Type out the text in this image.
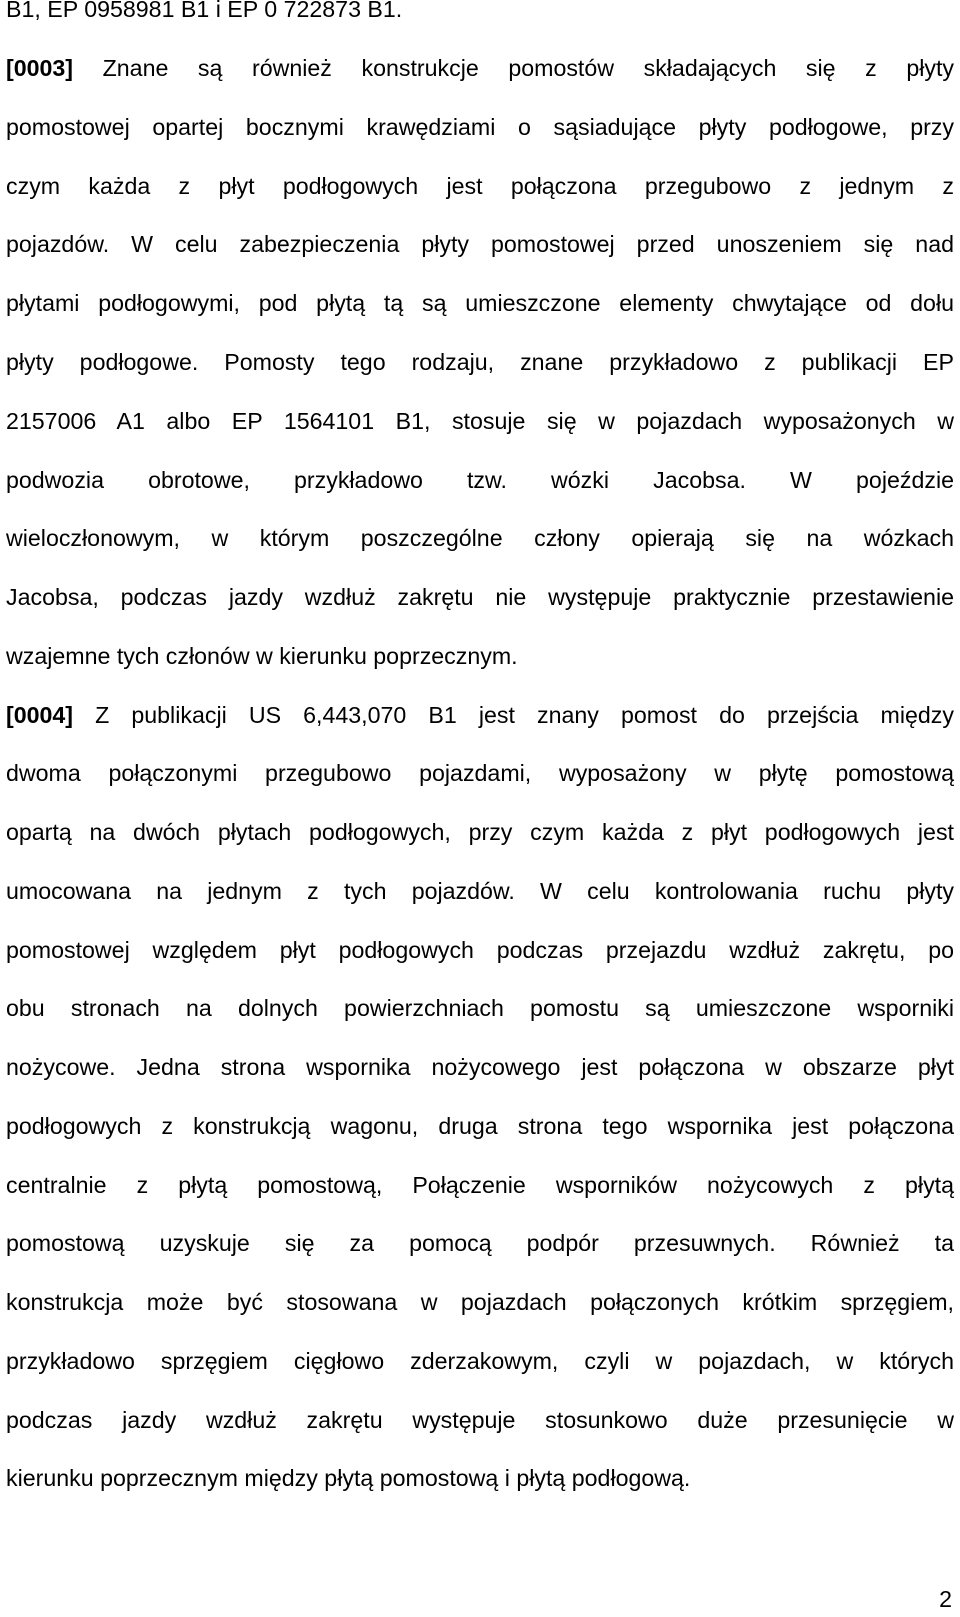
B1, EP 0958981 B1 i EP 0 722873 B1.
[0003] Znane są również konstrukcje pomostów składających się z płyty
pomostowej opartej bocznymi krawędziami o sąsiadujące płyty podłogowe, przy
czym każda z płyt podłogowych jest połączona przegubowo z jednym z
pojazdów. W celu zabezpieczenia płyty pomostowej przed unoszeniem się nad
płytami podłogowymi, pod płytą tą są umieszczone elementy chwytające od dołu
płyty podłogowe. Pomosty tego rodzaju, znane przykładowo z publikacji EP
2157006 A1 albo EP 1564101 B1, stosuje się w pojazdach wyposażonych w
podwozia obrotowe, przykładowo tzw. wózki Jacobsa. W pojeździe
wieloczłonowym, w którym poszczególne człony opierają się na wózkach
Jacobsa, podczas jazdy wzdłuż zakrętu nie występuje praktycznie przestawienie
wzajemne tych członów w kierunku poprzecznym.
[0004] Z publikacji US 6,443,070 B1 jest znany pomost do przejścia między
dwoma połączonymi przegubowo pojazdami, wyposażony w płytę pomostową
opartą na dwóch płytach podłogowych, przy czym każda z płyt podłogowych jest
umocowana na jednym z tych pojazdów. W celu kontrolowania ruchu płyty
pomostowej względem płyt podłogowych podczas przejazdu wzdłuż zakrętu, po
obu stronach na dolnych powierzchniach pomostu są umieszczone wsporniki
nożycowe. Jedna strona wspornika nożycowego jest połączona w obszarze płyt
podłogowych z konstrukcją wagonu, druga strona tego wspornika jest połączona
centralnie z płytą pomostową, Połączenie wsporników nożycowych z płytą
pomostową uzyskuje się za pomocą podpór przesuwnych. Również ta
konstrukcja może być stosowana w pojazdach połączonych krótkim sprzęgiem,
przykładowo sprzęgiem cięgłowo zderzakowym, czyli w pojazdach, w których
podczas jazdy wzdłuż zakrętu występuje stosunkowo duże przesunięcie w
kierunku poprzecznym między płytą pomostową i płytą podłogową.
2
